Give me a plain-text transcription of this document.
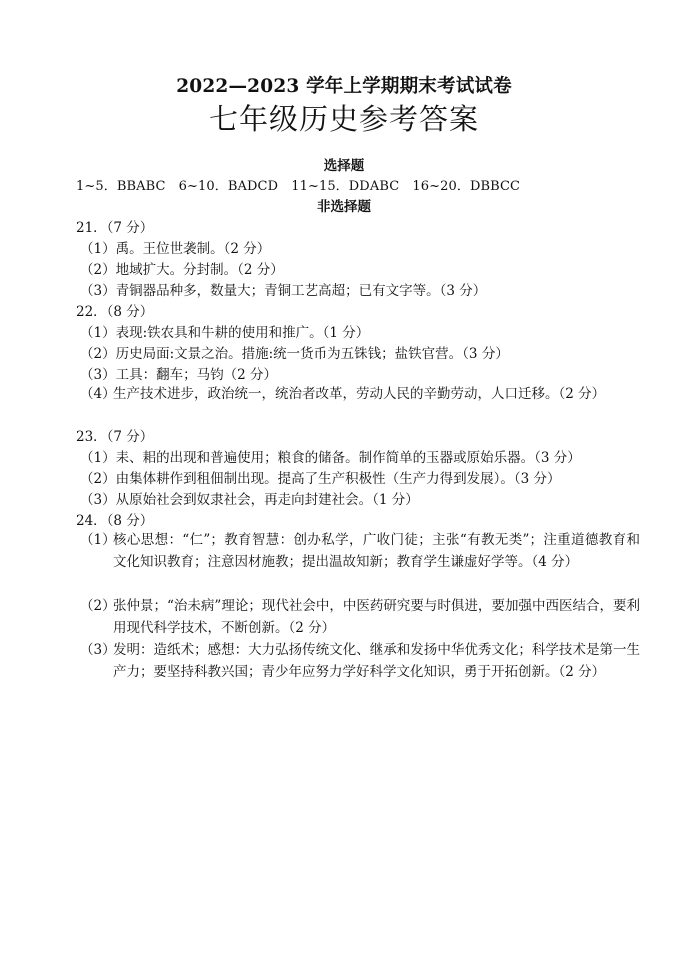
2022—2023 学年上学期期末考试试卷
七年级历史参考答案
选择题
1~5．BBABC　6~10．BADCD　11~15．DDABC　16~20．DBBCC
非选择题
21．（7 分）
（1）禹。王位世袭制。（2 分）
（2）地域扩大。分封制。（2 分）
（3）青铜器品种多，数量大；青铜工艺高超；已有文字等。（3 分）
22．（8 分）
（1）表现:铁农具和牛耕的使用和推广。（1 分）
（2）历史局面:文景之治。措施:统一货币为五铢钱；盐铁官营。（3 分）
（3）工具：翻车；马钧（2 分）
（4）
生产技术进步，政治统一，统治者改革，劳动人民的辛勤劳动，人口迁移。（2 分）
23．（7 分）
（1）耒、耜的出现和普遍使用；粮食的储备。制作简单的玉器或原始乐器。（3 分）
（2）由集体耕作到租佃制出现。提高了生产积极性（生产力得到发展）。（3 分）
（3）从原始社会到奴隶社会，再走向封建社会。（1 分）
24．（8 分）
（1）
核心思想：“仁”；教育智慧：创办私学，广收门徒；主张“有教无类”；注重道德教育和文化知识教育；注意因材施教；提出温故知新；教育学生谦虚好学等。（4 分）
（2）
张仲景；“治未病”理论；现代社会中，中医药研究要与时俱进，要加强中西医结合，要利用现代科学技术，不断创新。（2 分）
（3）
发明：造纸术；感想：大力弘扬传统文化、继承和发扬中华优秀文化；科学技术是第一生产力；要坚持科教兴国；青少年应努力学好科学文化知识，勇于开拓创新。（2 分）
